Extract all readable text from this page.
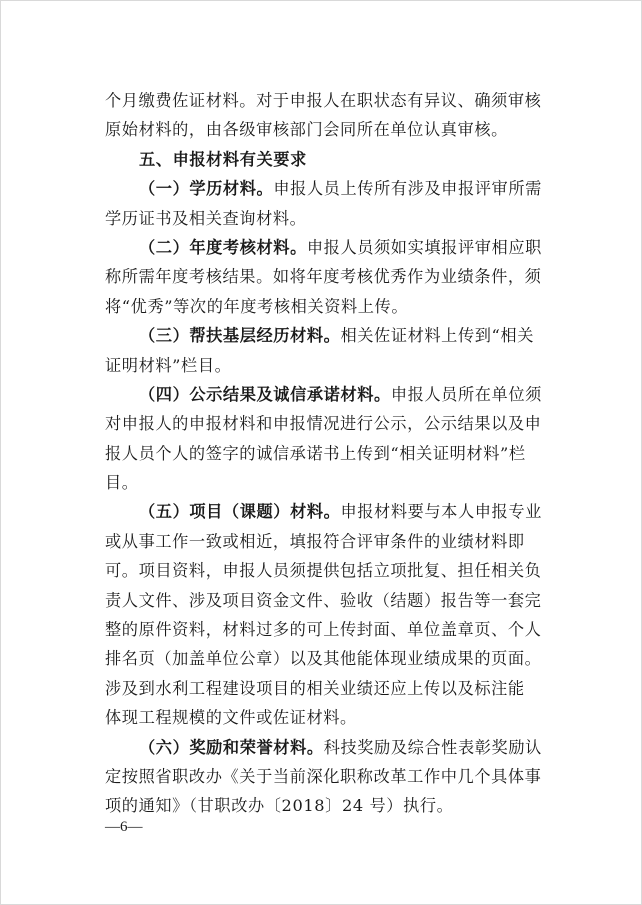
个月缴费佐证材料。对于申报人在职状态有异议、确须审核
原始材料的，由各级审核部门会同所在单位认真审核。
五、申报材料有关要求
（一）学历材料。申报人员上传所有涉及申报评审所需
学历证书及相关查询材料。
（二）年度考核材料。申报人员须如实填报评审相应职
称所需年度考核结果。如将年度考核优秀作为业绩条件，须
将“优秀”等次的年度考核相关资料上传。
（三）帮扶基层经历材料。相关佐证材料上传到“相关
证明材料”栏目。
（四）公示结果及诚信承诺材料。申报人员所在单位须
对申报人的申报材料和申报情况进行公示，公示结果以及申
报人员个人的签字的诚信承诺书上传到“相关证明材料”栏
目。
（五）项目（课题）材料。申报材料要与本人申报专业
或从事工作一致或相近，填报符合评审条件的业绩材料即
可。项目资料，申报人员须提供包括立项批复、担任相关负
责人文件、涉及项目资金文件、验收（结题）报告等一套完
整的原件资料，材料过多的可上传封面、单位盖章页、个人
排名页（加盖单位公章）以及其他能体现业绩成果的页面。
涉及到水利工程建设项目的相关业绩还应上传以及标注能
体现工程规模的文件或佐证材料。
（六）奖励和荣誉材料。科技奖励及综合性表彰奖励认
定按照省职改办《关于当前深化职称改革工作中几个具体事
项的通知》（甘职改办〔2018〕24 号）执行。
—6—
